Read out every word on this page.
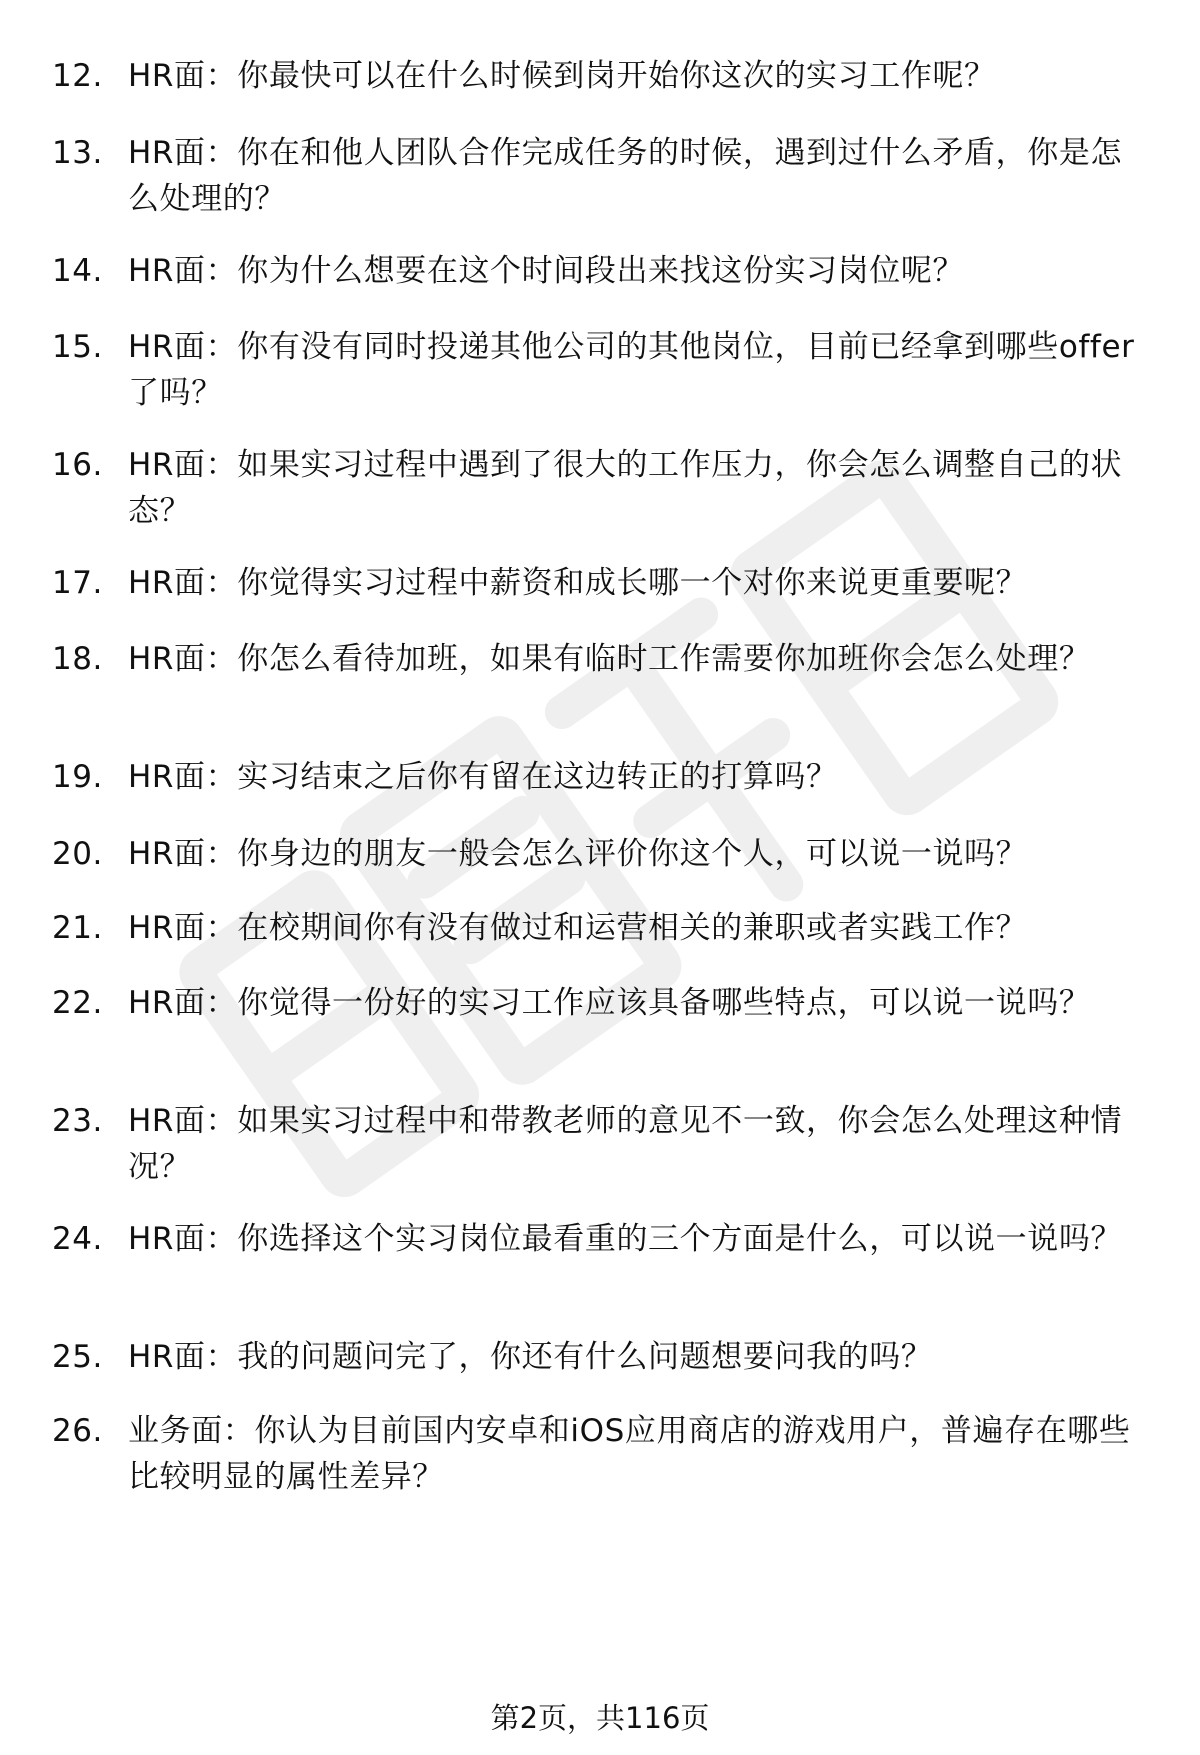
12. HR面：你最快可以在什么时候到岗开始你这次的实习工作呢？
13. HR面：你在和他人团队合作完成任务的时候，遇到过什么矛盾，你是怎么处理的？
14. HR面：你为什么想要在这个时间段出来找这份实习岗位呢？
15. HR面：你有没有同时投递其他公司的其他岗位，目前已经拿到哪些offer了吗？
16. HR面：如果实习过程中遇到了很大的工作压力，你会怎么调整自己的状态？
17. HR面：你觉得实习过程中薪资和成长哪一个对你来说更重要呢？
18. HR面：你怎么看待加班，如果有临时工作需要你加班你会怎么处理？
19. HR面：实习结束之后你有留在这边转正的打算吗？
20. HR面：你身边的朋友一般会怎么评价你这个人，可以说一说吗？
21. HR面：在校期间你有没有做过和运营相关的兼职或者实践工作？
22. HR面：你觉得一份好的实习工作应该具备哪些特点，可以说一说吗？
23. HR面：如果实习过程中和带教老师的意见不一致，你会怎么处理这种情况？
24. HR面：你选择这个实习岗位最看重的三个方面是什么，可以说一说吗？
25. HR面：我的问题问完了，你还有什么问题想要问我的吗？
26. 业务面：你认为目前国内安卓和iOS应用商店的游戏用户，普遍存在哪些比较明显的属性差异？
第2页，共116页
